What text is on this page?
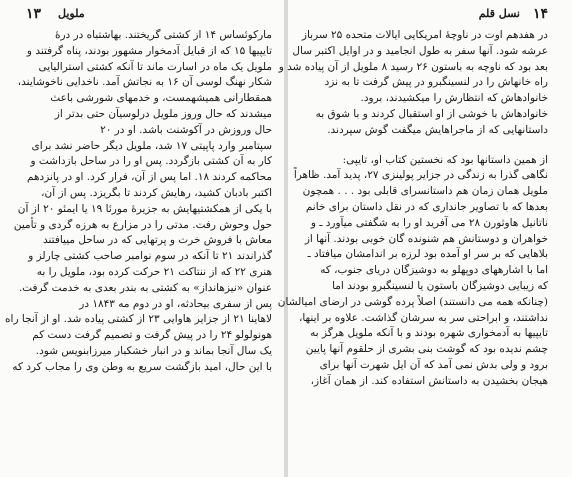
۱۳ ملویل
مارکوئساس ۱۴ از کشتی گریختند. بهاشتباه در درهٔ
تایپیها ۱۵ که از قبایل آدمخوار مشهور بودند، پناه گرفتند و
ملویل یک ماه در اسارت ماند تا آنکه کشتی استرالیایی
شکار نهنگ لوسی آن ۱۶ به نجاتش آمد. ناخدایی ناخوشایند،
همقطارانی همیشهمست، و خدمهای شورشی باعث
میشدند که حال وروز ملویل درلوسیآن حتی بدتر از
حال وروزش در آکوشنت باشد. او در ۲۰
سپتامبر وارد پاپیتی ۱۷ شد، ملویل دیگر حاضر نشد برای
کار به آن کشتی بازگردد. پس او را در ساحل بازداشت و
محاکمه کردند ۱۸. اما پس از آن، فرار کرد. او در پانزدهم
اکتبر بادبان کشید، رهایش کردند تا بگریزد. پس از آن،
با یکی از همکشتیهایش به جزیرهٔ مورئا ۱۹ یا ایمئو ۲۰ از آن
حول وحوش رفت. مدتی را در مزارع به هرزه گردی و تأمین
معاش با فروش خرت و پرتهایی که در ساحل مییافتند
گذراندند ۲۱ تا آنکه در سوم نوامبر صاحب کشتی چارلز و
هنری ۲۲ که از ننتاکت ۲۱ حرکت کرده بود، ملویل را به
عنوان «نیزهانداز» به کشتی به بندر بعدی به خدمت گرفت.
پس از سفری بیحادثه، او در دوم مه ۱۸۴۳ در
لاهاینا ۲۱ از جزایر هاوایی ۲۳ از کشتی پیاده شد. او از آنجا راه
هونولولو ۲۴ را در پیش گرفت و تصمیم گرفت دست کم
یک سال آنجا بماند و در انبار خشکبار میرزابنویس شود.
با این حال، امید بازگشت سریع به وطن وی را مجاب کرد که
۱۴
نسل قلم
در هفدهم اوت در ناوچهٔ امریکایی ایالات متحده ۲۵ سرباز
عرشه شود. آنها سفر به طول انجامید و در اوایل اکتبر سال
بعد بود که ناوچه به باستون ۲۶ رسید ۸ ملویل از آن پیاده شد و
راه خانهاش را در لنسینگبرو در پیش گرفت تا به نزد
خانوادهاش که انتظارش را میکشیدند، برود.
خانوادهاش با خوشی از او استقبال کردند و با شوق به
داستانهایی که از ماجراهایش میگفت گوش سپردند.
از همین داستانها بود که نخستین کتاب او، تایپی:
نگاهی گذرا به زندگی در جزایر پولینزی ۲۷، پدید آمد. ظاهراً
ملویل همان زمان هم داستانسرای قابلی بود . . . همچون
بعدها که با تصاویر جانداری که در نقل داستان برای خانم
ناتانیل هاوثورن ۲۸ می آفرید او را به شگفتی میآورد ـ و
خواهران و دوستانش هم شنونده گان خوبی بودند. آنها از
بلاهایی که بر سر او آمده بود لرزه بر اندامشان میافتاد ـ
اما با اشارههای دوپهلو به دوشیزگان دریای جنوب، که
که زیبایی دوشیزگان باستون یا لنسینگبرو بودند اما
(چنانکه همه می دانستند) اصلاً پرده گوشی در ارضای امیالشان
نداشتند، و ابراحتی سر به سرشان گذاشت. علاوه بر اینها،
تایپیها به آدمخواری شهره بودند و با آنکه ملویل هرگز به
چشم ندیده بود که گوشت بنی بشری از حلقوم آنها پایین
برود و ولی بدش نمی آمد که آن ایل شهرت آنها برای
هیجان بخشیدن به داستانش استفاده کند. از همان آغاز،
